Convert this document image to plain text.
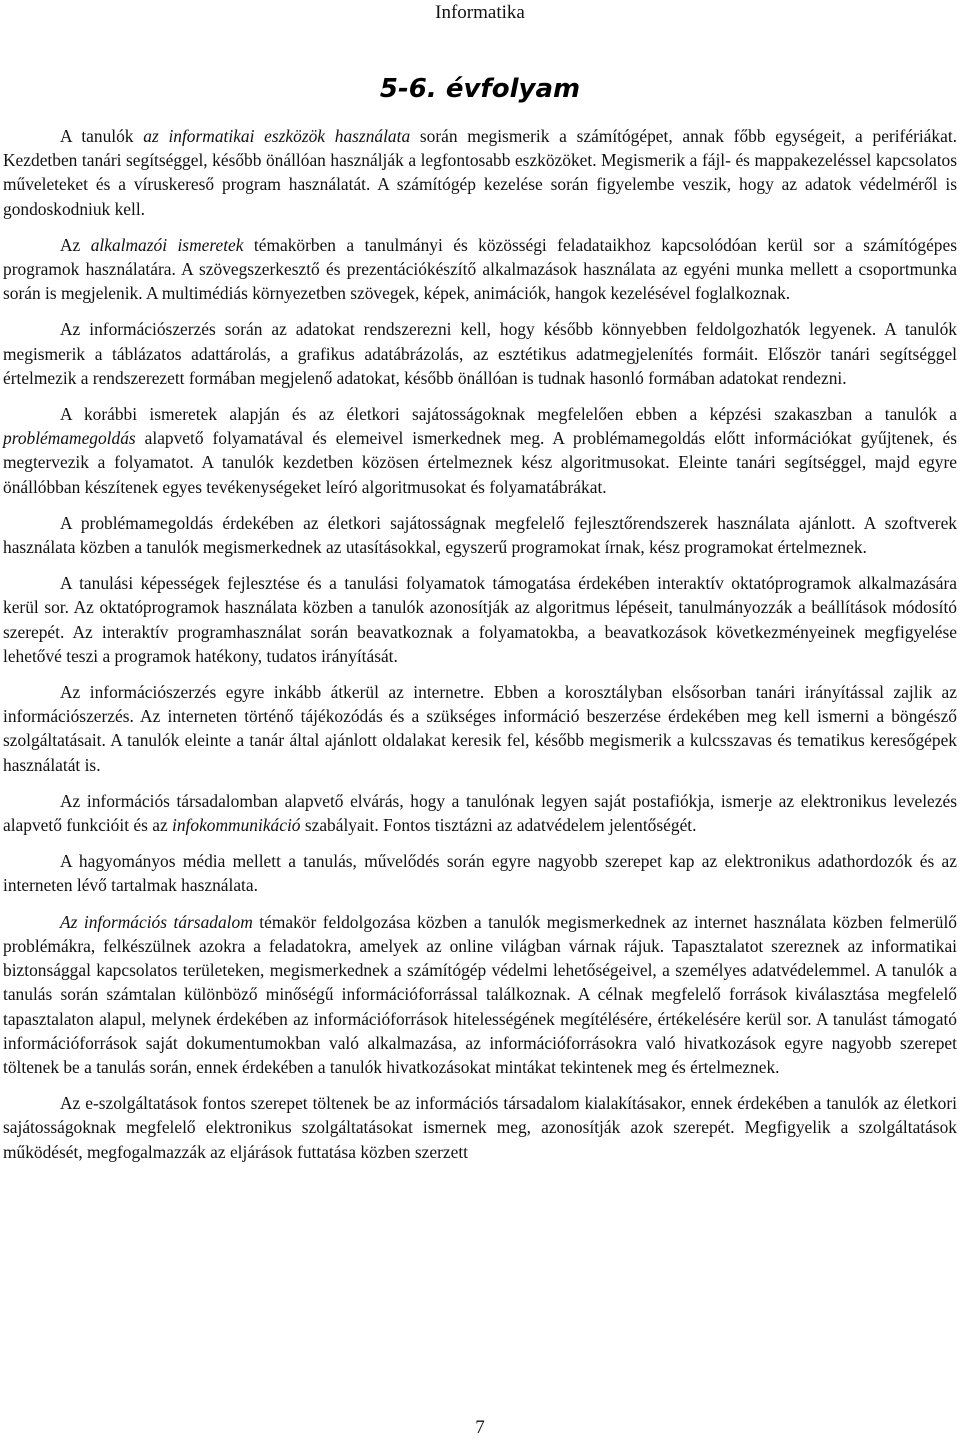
Informatika
5-6. évfolyam

A tanulók az informatikai eszközök használata során megismerik a számítógépet, annak főbb egységeit, a perifériákat. Kezdetben tanári segítséggel, később önállóan használják a legfontosabb eszközöket. Megismerik a fájl- és mappakezeléssel kapcsolatos műveleteket és a víruskereső program használatát. A számítógép kezelése során figyelembe veszik, hogy az adatok védelméről is gondoskodniuk kell.

Az alkalmazói ismeretek témakörben a tanulmányi és közösségi feladataikhoz kapcsolódóan kerül sor a számítógépes programok használatára. A szövegszerkesztő és prezentációkészítő alkalmazások használata az egyéni munka mellett a csoportmunka során is megjelenik. A multimédiás környezetben szövegek, képek, animációk, hangok kezelésével foglalkoznak.

Az információszerzés során az adatokat rendszerezni kell, hogy később könnyebben feldolgozhatók legyenek. A tanulók megismerik a táblázatos adattárolás, a grafikus adatábrázolás, az esztétikus adatmegjelenítés formáit. Először tanári segítséggel értelmezik a rendszerezett formában megjelenő adatokat, később önállóan is tudnak hasonló formában adatokat rendezni.

A korábbi ismeretek alapján és az életkori sajátosságoknak megfelelően ebben a képzési szakaszban a tanulók a problémamegoldás alapvető folyamatával és elemeivel ismerkednek meg. A problémamegoldás előtt információkat gyűjtenek, és megtervezik a folyamatot. A tanulók kezdetben közösen értelmeznek kész algoritmusokat. Eleinte tanári segítséggel, majd egyre önállóbban készítenek egyes tevékenységeket leíró algoritmusokat és folyamatábrákat.

A problémamegoldás érdekében az életkori sajátosságnak megfelelő fejlesztőrendszerek használata ajánlott. A szoftverek használata közben a tanulók megismerkednek az utasításokkal, egyszerű programokat írnak, kész programokat értelmeznek.

A tanulási képességek fejlesztése és a tanulási folyamatok támogatása érdekében interaktív oktatóprogramok alkalmazására kerül sor. Az oktatóprogramok használata közben a tanulók azonosítják az algoritmus lépéseit, tanulmányozzák a beállítások módosító szerepét. Az interaktív programhasználat során beavatkoznak a folyamatokba, a beavatkozások következményeinek megfigyelése lehetővé teszi a programok hatékony, tudatos irányítását.

Az információszerzés egyre inkább átkerül az internetre. Ebben a korosztályban elsősorban tanári irányítással zajlik az információszerzés. Az interneten történő tájékozódás és a szükséges információ beszerzése érdekében meg kell ismerni a böngésző szolgáltatásait. A tanulók eleinte a tanár által ajánlott oldalakat keresik fel, később megismerik a kulcsszavas és tematikus keresőgépek használatát is.

Az információs társadalomban alapvető elvárás, hogy a tanulónak legyen saját postafiókja, ismerje az elektronikus levelezés alapvető funkcióit és az infokommunikáció szabályait. Fontos tisztázni az adatvédelem jelentőségét.

A hagyományos média mellett a tanulás, művelődés során egyre nagyobb szerepet kap az elektronikus adathordozók és az interneten lévő tartalmak használata.

Az információs társadalom témakör feldolgozása közben a tanulók megismerkednek az internet használata közben felmerülő problémákra, felkészülnek azokra a feladatokra, amelyek az online világban várnak rájuk. Tapasztalatot szereznek az informatikai biztonsággal kapcsolatos területeken, megismerkednek a számítógép védelmi lehetőségeivel, a személyes adatvédelemmel. A tanulók a tanulás során számtalan különböző minőségű információforrással találkoznak. A célnak megfelelő források kiválasztása megfelelő tapasztalaton alapul, melynek érdekében az információforrások hitelességének megítélésére, értékelésére kerül sor. A tanulást támogató információforrások saját dokumentumokban való alkalmazása, az információforrásokra való hivatkozások egyre nagyobb szerepet töltenek be a tanulás során, ennek érdekében a tanulók hivatkozásokat mintákat tekintenek meg és értelmeznek.

Az e-szolgáltatások fontos szerepet töltenek be az információs társadalom kialakításakor, ennek érdekében a tanulók az életkori sajátosságoknak megfelelő elektronikus szolgáltatásokat ismernek meg, azonosítják azok szerepét. Megfigyelik a szolgáltatások működését, megfogalmazzák az eljárások futtatása közben szerzett

7
